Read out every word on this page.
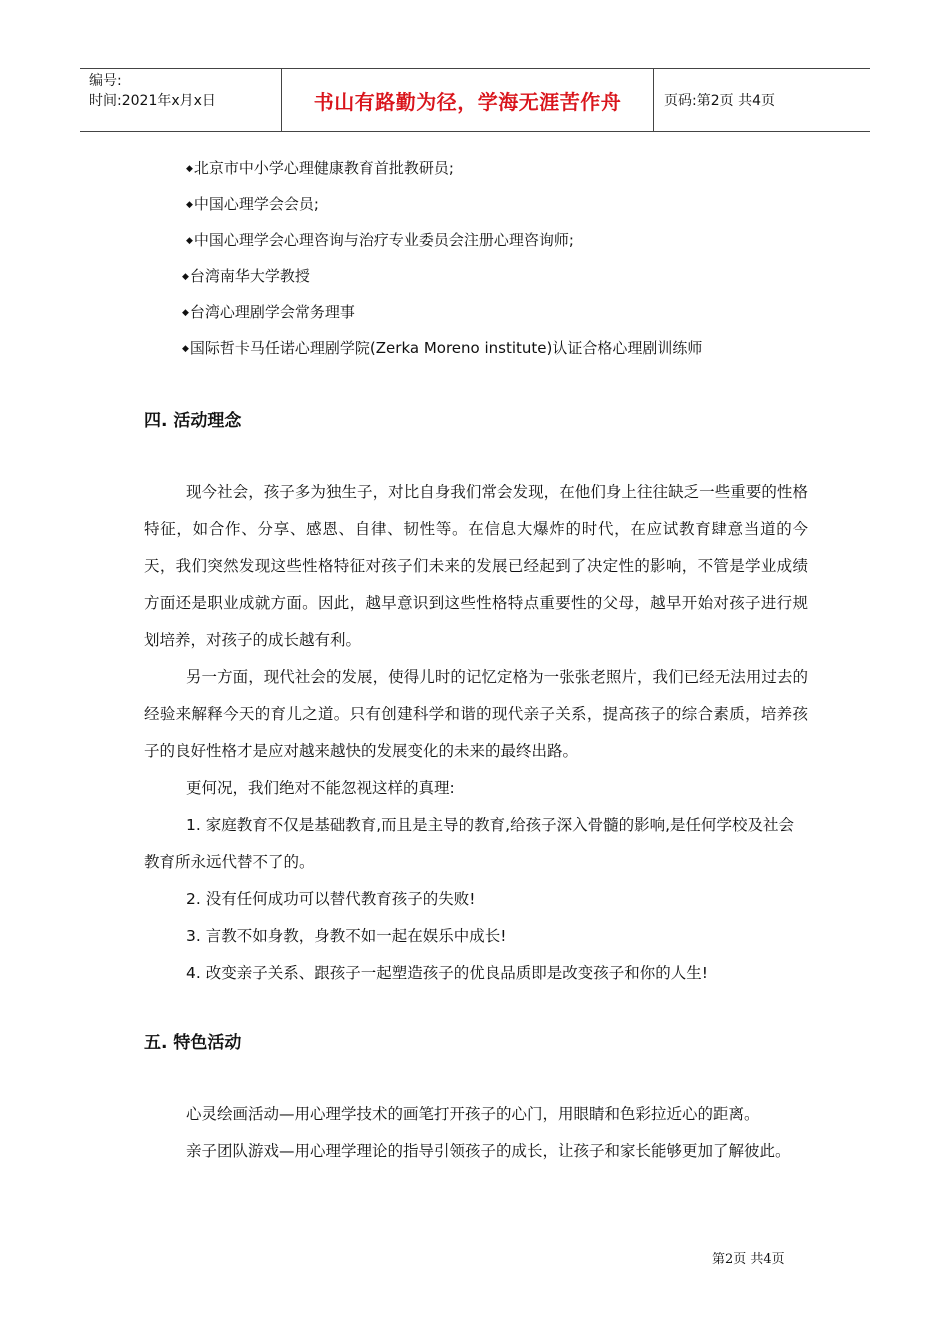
编号:
时间:2021年x月x日	书山有路勤为径，学海无涯苦作舟	页码:第2页 共4页
◆北京市中小学心理健康教育首批教研员;
◆中国心理学会会员;
◆中国心理学会心理咨询与治疗专业委员会注册心理咨询师;
◆台湾南华大学教授
◆台湾心理剧学会常务理事
◆国际哲卡马任诺心理剧学院(Zerka Moreno institute)认证合格心理剧训练师
四. 活动理念
现今社会，孩子多为独生子，对比自身我们常会发现，在他们身上往往缺乏一些重要的性格特征，如合作、分享、感恩、自律、韧性等。在信息大爆炸的时代，在应试教育肆意当道的今天，我们突然发现这些性格特征对孩子们未来的发展已经起到了决定性的影响，不管是学业成绩方面还是职业成就方面。因此，越早意识到这些性格特点重要性的父母，越早开始对孩子进行规划培养，对孩子的成长越有利。
另一方面，现代社会的发展，使得儿时的记忆定格为一张张老照片，我们已经无法用过去的经验来解释今天的育儿之道。只有创建科学和谐的现代亲子关系，提高孩子的综合素质，培养孩子的良好性格才是应对越来越快的发展变化的未来的最终出路。
更何况，我们绝对不能忽视这样的真理:
1. 家庭教育不仅是基础教育,而且是主导的教育,给孩子深入骨髓的影响,是任何学校及社会教育所永远代替不了的。
2. 没有任何成功可以替代教育孩子的失败!
3. 言教不如身教，身教不如一起在娱乐中成长!
4. 改变亲子关系、跟孩子一起塑造孩子的优良品质即是改变孩子和你的人生!
五. 特色活动
心灵绘画活动—用心理学技术的画笔打开孩子的心门，用眼睛和色彩拉近心的距离。
亲子团队游戏—用心理学理论的指导引领孩子的成长，让孩子和家长能够更加了解彼此。
第2页 共4页
